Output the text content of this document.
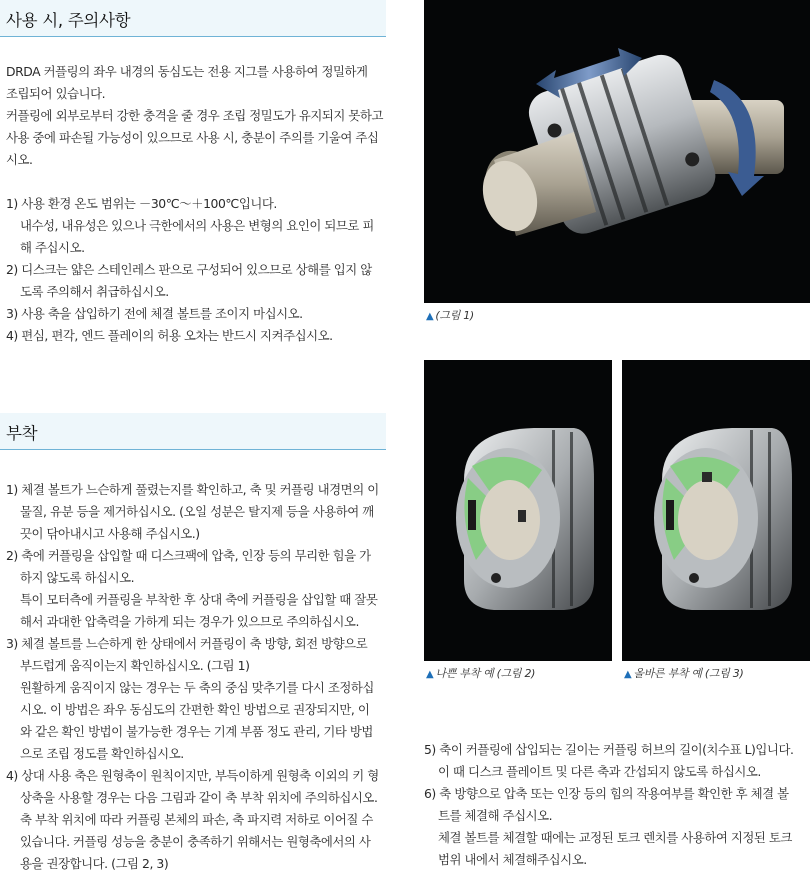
사용 시, 주의사항
DRDA 커플링의 좌우 내경의 동심도는 전용 지그를 사용하여 정밀하게
조립되어 있습니다.
커플링에 외부로부터 강한 충격을 줄 경우 조립 정밀도가 유지되지 못하고
사용 중에 파손될 가능성이 있으므로 사용 시, 충분이 주의를 기울여 주십
시오.
1) 사용 환경 온도 범위는 －30℃～＋100℃입니다.
내수성, 내유성은 있으나 극한에서의 사용은 변형의 요인이 되므로 피
해 주십시오.
2) 디스크는 얇은 스테인레스 판으로 구성되어 있으므로 상해를 입지 않
도록 주의해서 취급하십시오.
3) 사용 축을 삽입하기 전에 체결 볼트를 조이지 마십시오.
4) 편심, 편각, 엔드 플레이의 허용 오차는 반드시 지켜주십시오.
부착
1) 체결 볼트가 느슨하게 풀렸는지를 확인하고, 축 및 커플링 내경면의 이
물질, 유분 등을 제거하십시오. (오일 성분은 탈지제 등을 사용하여 깨
끗이 닦아내시고 사용해 주십시오.)
2) 축에 커플링을 삽입할 때 디스크팩에 압축, 인장 등의 무리한 힘을 가
하지 않도록 하십시오.
특이 모터측에 커플링을 부착한 후 상대 축에 커플링을 삽입할 때 잘못
해서 과대한 압축력을 가하게 되는 경우가 있으므로 주의하십시오.
3) 체결 볼트를 느슨하게 한 상태에서 커플링이 축 방향, 회전 방향으로
부드럽게 움직이는지 확인하십시오. (그림 1)
원활하게 움직이지 않는 경우는 두 축의 중심 맞추기를 다시 조정하십
시오. 이 방법은 좌우 동심도의 간편한 확인 방법으로 권장되지만, 이
와 같은 확인 방법이 불가능한 경우는 기계 부품 정도 관리, 기타 방법
으로 조립 정도를 확인하십시오.
4) 상대 사용 축은 원형축이 원칙이지만, 부득이하게 원형축 이외의 키 형
상축을 사용할 경우는 다음 그림과 같이 축 부착 위치에 주의하십시오.
축 부착 위치에 따라 커플링 본체의 파손, 축 파지력 저하로 이어질 수
있습니다. 커플링 성능을 충분이 충족하기 위해서는 원형축에서의 사
용을 권장합니다. (그림 2, 3)
5) 축이 커플링에 삽입되는 길이는 커플링 허브의 길이(치수표 L)입니다.
이 때 디스크 플레이트 및 다른 축과 간섭되지 않도록 하십시오.
6) 축 방향으로 압축 또는 인장 등의 힘의 작용여부를 확인한 후 체결 볼
트를 체결해 주십시오.
체결 볼트를 체결할 때에는 교정된 토크 렌치를 사용하여 지정된 토크
범위 내에서 체결해주십시오.
▲ (그림 1)
▲ 나쁜 부착 예 (그림 2)	▲ 올바른 부착 예 (그림 3)
